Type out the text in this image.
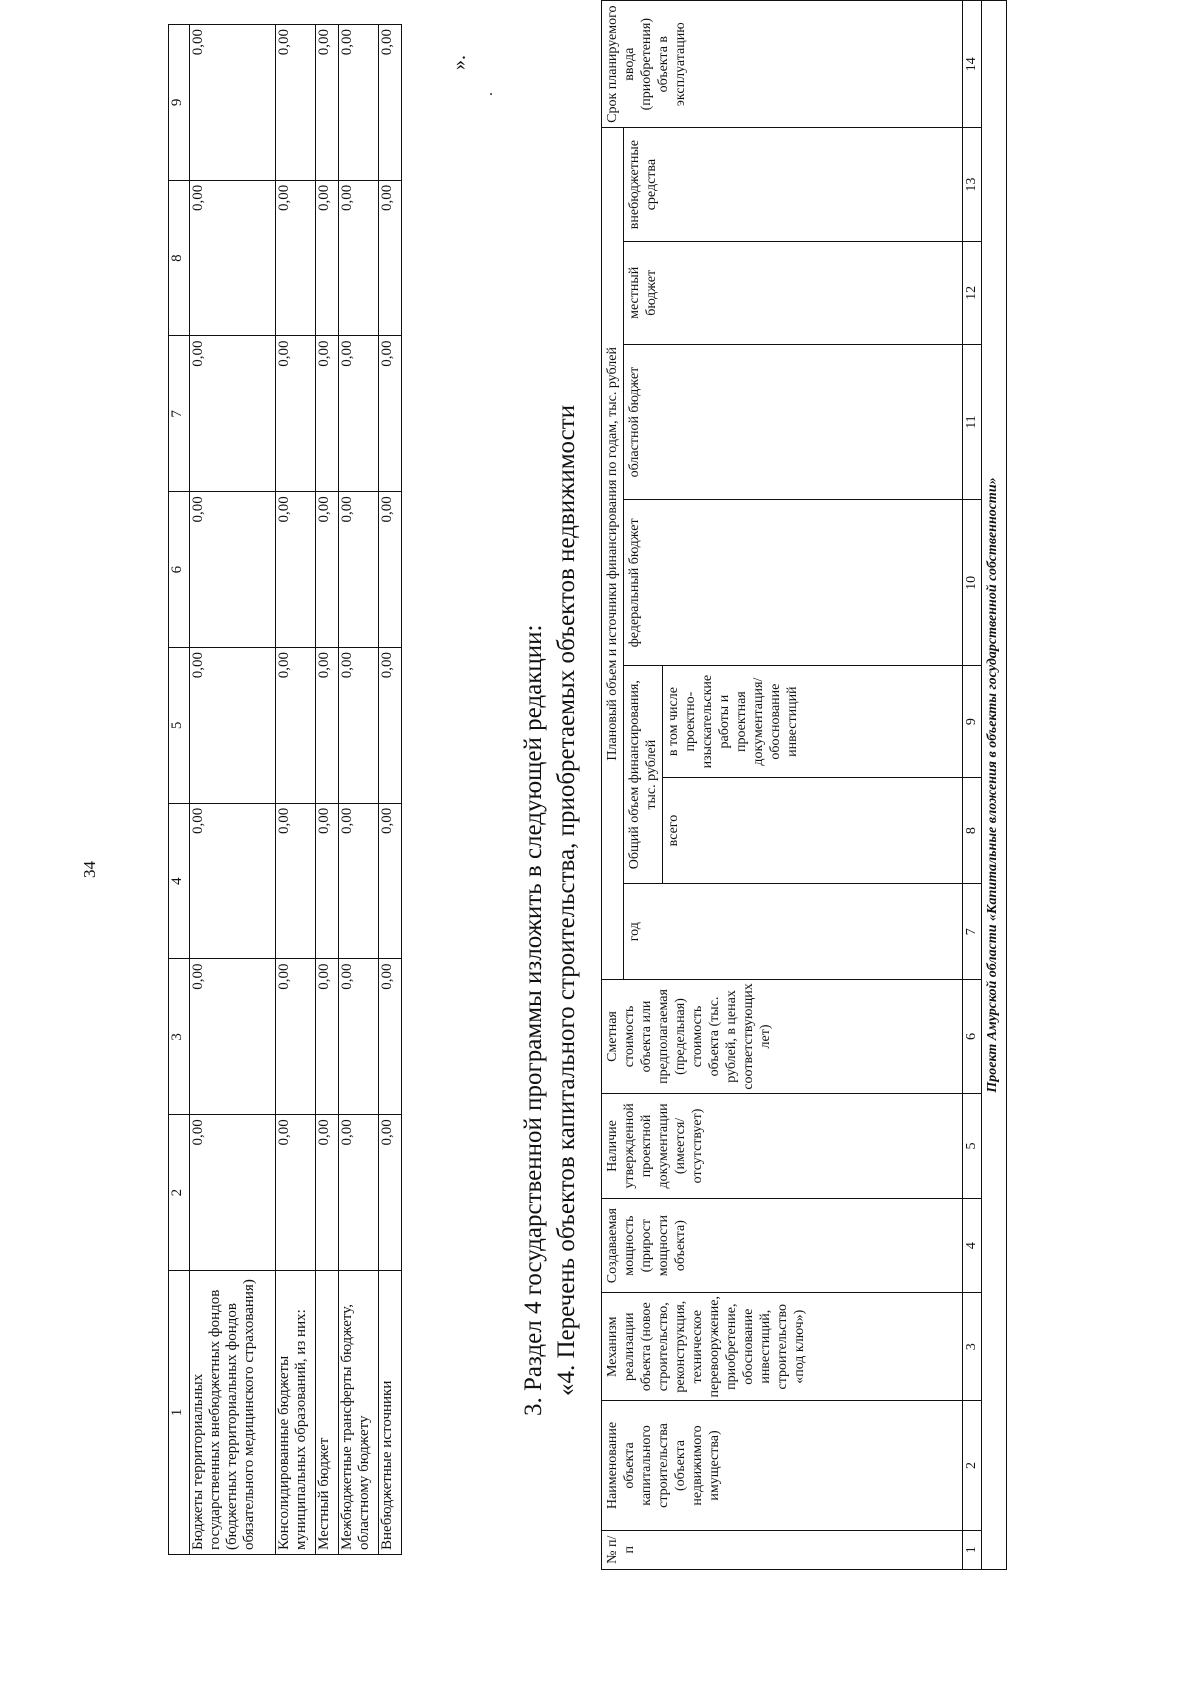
34
1	2	3	4	5	6	7	8	9
Бюджеты территориальных государственных внебюджетных фондов (бюджетных территориальных фондов обязательного медицинского страхования)	0,00	0,00	0,00	0,00	0,00	0,00	0,00	0,00
Консолидированные бюджеты муниципальных образований, из них:	0,00	0,00	0,00	0,00	0,00	0,00	0,00	0,00
Местный бюджет	0,00	0,00	0,00	0,00	0,00	0,00	0,00	0,00
Межбюджетные трансферты бюджету, областному бюджету	0,00	0,00	0,00	0,00	0,00	0,00	0,00	0,00
Внебюджетные источники	0,00	0,00	0,00	0,00	0,00	0,00	0,00	0,00
».
.
3. Раздел 4 государственной программы изложить в следующей редакции: «4. Перечень объектов капитального строительства, приобретаемых объектов недвижимости
№ п/п	Наименование объекта капитального строительства (объекта недвижимого имущества)	Механизм реализации объекта (новое строительство, реконструкция, техническое перевооружение, приобретение, обоснование инвестиций, строительство «под ключ»)	Создаваемая мощность (прирост мощности объекта)	Наличие утвержденной проектной документации (имеется/ отсутствует)	Сметная стоимость объекта или предполагаемая (предельная) стоимость объекта (тыс. рублей, в ценах соответствующих лет)	Плановый объем и источники финансирования по годам, тыс. рублей							Срок планируемого ввода (приобретения) объекта в эксплуатацию
						год	Общий объем финансирования, тыс. рублей		федеральный бюджет	областной бюджет	местный бюджет	внебюджетные средства	
							всего	в том числе проектно-изыскательские работы и проектная документация/ обоснование инвестиций					
1	2	3	4	5	6	7	8	9	10	11	12	13	14
Проект Амурской области «Капитальные вложения в объекты государственной собственности»													
